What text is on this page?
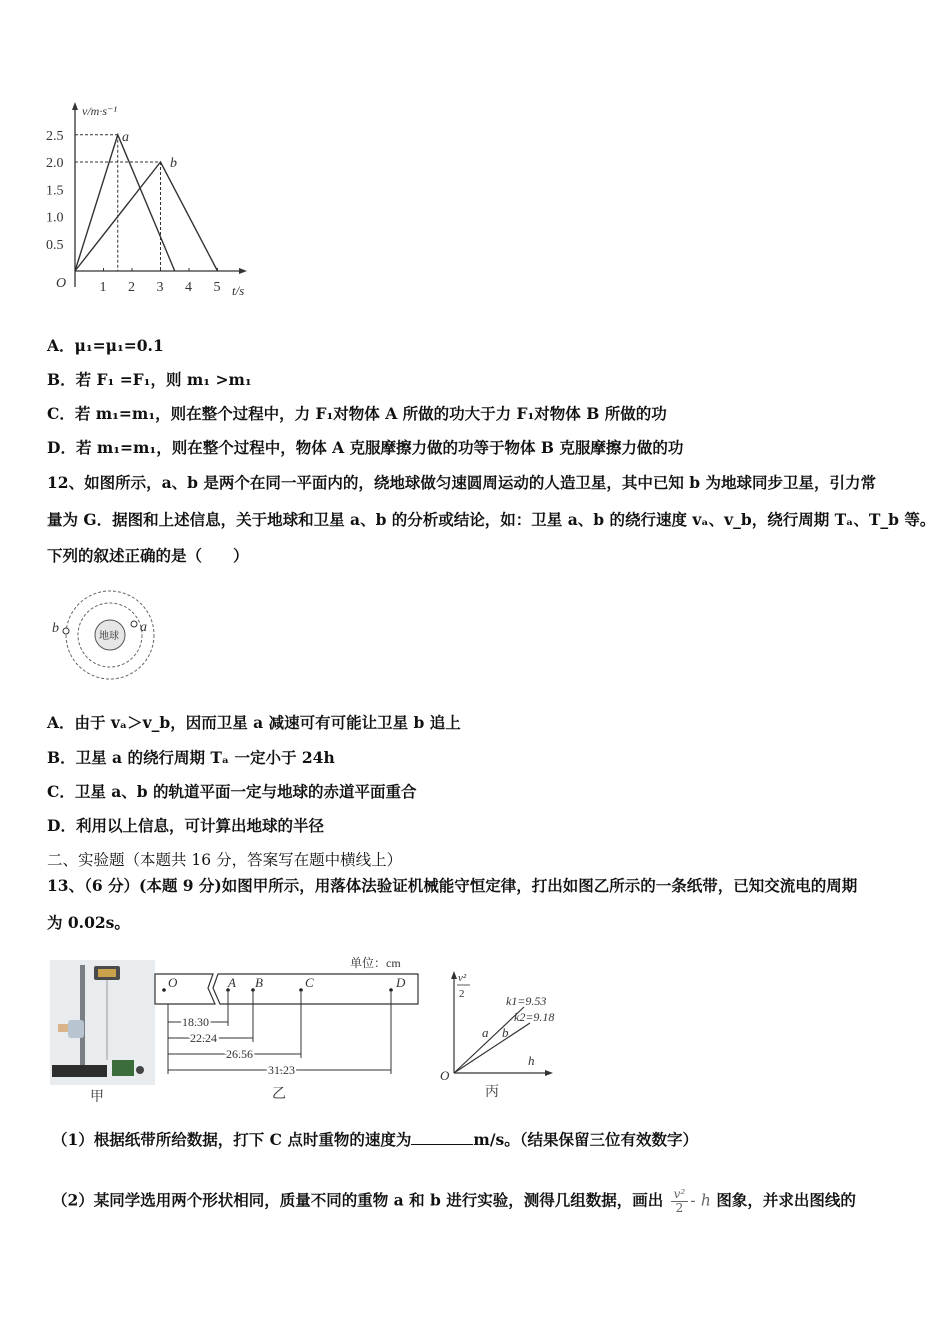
v/m·s⁻¹
t/s
O
2.5
2.0
1.5
1.0
0.5
1 2 3 4 5
a
b
A．μ₁=μ₁=0.1
B．若 F₁ =F₁，则 m₁ >m₁
C．若 m₁=m₁，则在整个过程中，力 F₁对物体 A 所做的功大于力 F₁对物体 B 所做的功
D．若 m₁=m₁，则在整个过程中，物体 A 克服摩擦力做的功等于物体 B 克服摩擦力做的功
12、如图所示，a、b 是两个在同一平面内的，绕地球做匀速圆周运动的人造卫星，其中已知 b 为地球同步卫星，引力常
量为 G．据图和上述信息，关于地球和卫星 a、b 的分析或结论，如：卫星 a、b 的绕行速度 vₐ、v_b，绕行周期 Tₐ、T_b 等。
下列的叙述正确的是（　　）
地球
a
b
A．由于 vₐ＞v_b，因而卫星 a 减速可有可能让卫星 b 追上
B．卫星 a 的绕行周期 Tₐ 一定小于 24h
C．卫星 a、b 的轨道平面一定与地球的赤道平面重合
D．利用以上信息，可计算出地球的半径
二、实验题（本题共 16 分，答案写在题中横线上）
13、（6 分）(本题 9 分)如图甲所示，用落体法验证机械能守恒定律，打出如图乙所示的一条纸带，已知交流电的周期
为 0.02s。
甲
单位：cm
O	A B	C	D
18.30
22.24
26.56
31.23
乙
v²
2
h
O
k1=9.53
k2=9.18
a b
丙
（1）根据纸带所给数据，打下 C 点时重物的速度为	m/s。（结果保留三位有效数字）
（2）某同学选用两个形状相同，质量不同的重物 a 和 b 进行实验，测得几组数据，画出 $\frac{\text{v²}}{2}$ - h 图象，并求出图线的
